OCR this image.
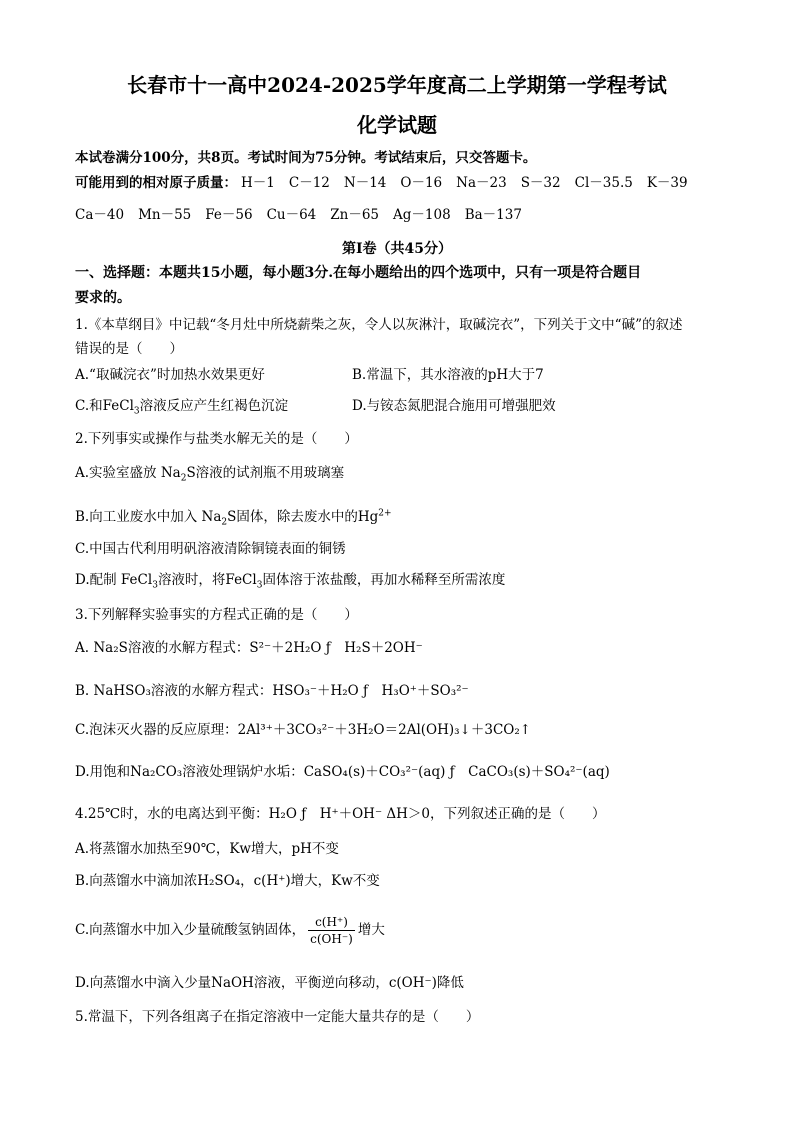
长春市十一高中2024-2025学年度高二上学期第一学程考试
化学试题
本试卷满分100分，共8页。考试时间为75分钟。考试结束后，只交答题卡。
可能用到的相对原子质量： H－1 C－12 N－14 O－16 Na－23 S－32 Cl－35.5 K－39
Ca－40 Mn－55 Fe－56 Cu－64 Zn－65 Ag－108 Ba－137
第Ⅰ卷（共45分）
一、选择题：本题共15小题，每小题3分.在每小题给出的四个选项中，只有一项是符合题目
要求的。
1.《本草纲目》中记载“冬月灶中所烧薪柴之灰，令人以灰淋汁，取碱浣衣”，下列关于文中“碱”的叙述
错误的是（　　）
A.“取碱浣衣”时加热水效果更好	B.常温下，其水溶液的pH大于7
C.和FeCl$_3$溶液反应产生红褐色沉淀	D.与铵态氮肥混合施用可增强肥效
2.下列事实或操作与盐类水解无关的是（　　）
A.实验室盛放 $Na_2S$溶液的试剂瓶不用玻璃塞
B.向工业废水中加入 $Na_2S$固体，除去废水中的$Hg^{2+}$
C.中国古代利用明矾溶液清除铜镜表面的铜锈
D.配制 FeCl$_3$溶液时，将FeCl$_3$固体溶于浓盐酸，再加水稀释至所需浓度
3.下列解释实验事实的方程式正确的是（　　）
A. Na₂S溶液的水解方程式：S²⁻＋2H₂O ƒ　H₂S＋2OH⁻
B. NaHSO₃溶液的水解方程式：HSO₃⁻＋H₂O ƒ　H₃O⁺＋SO₃²⁻
C.泡沫灭火器的反应原理：2Al³⁺＋3CO₃²⁻＋3H₂O＝2Al(OH)₃↓＋3CO₂↑
D.用饱和Na₂CO₃溶液处理锅炉水垢：CaSO₄(s)＋CO₃²⁻(aq) ƒ　CaCO₃(s)＋SO₄²⁻(aq)
4.25℃时，水的电离达到平衡：H₂O ƒ　H⁺＋OH⁻ ΔH＞0，下列叙述正确的是（　　）
A.将蒸馏水加热至90℃，Kw增大，pH不变
B.向蒸馏水中滴加浓H₂SO₄，c(H⁺)增大，Kw不变
C.向蒸馏水中加入少量硫酸氢钠固体， $\frac{c(H^+)}{c(OH^-)}$ 增大
D.向蒸馏水中滴入少量NaOH溶液，平衡逆向移动，c(OH⁻)降低
5.常温下，下列各组离子在指定溶液中一定能大量共存的是（　　）
